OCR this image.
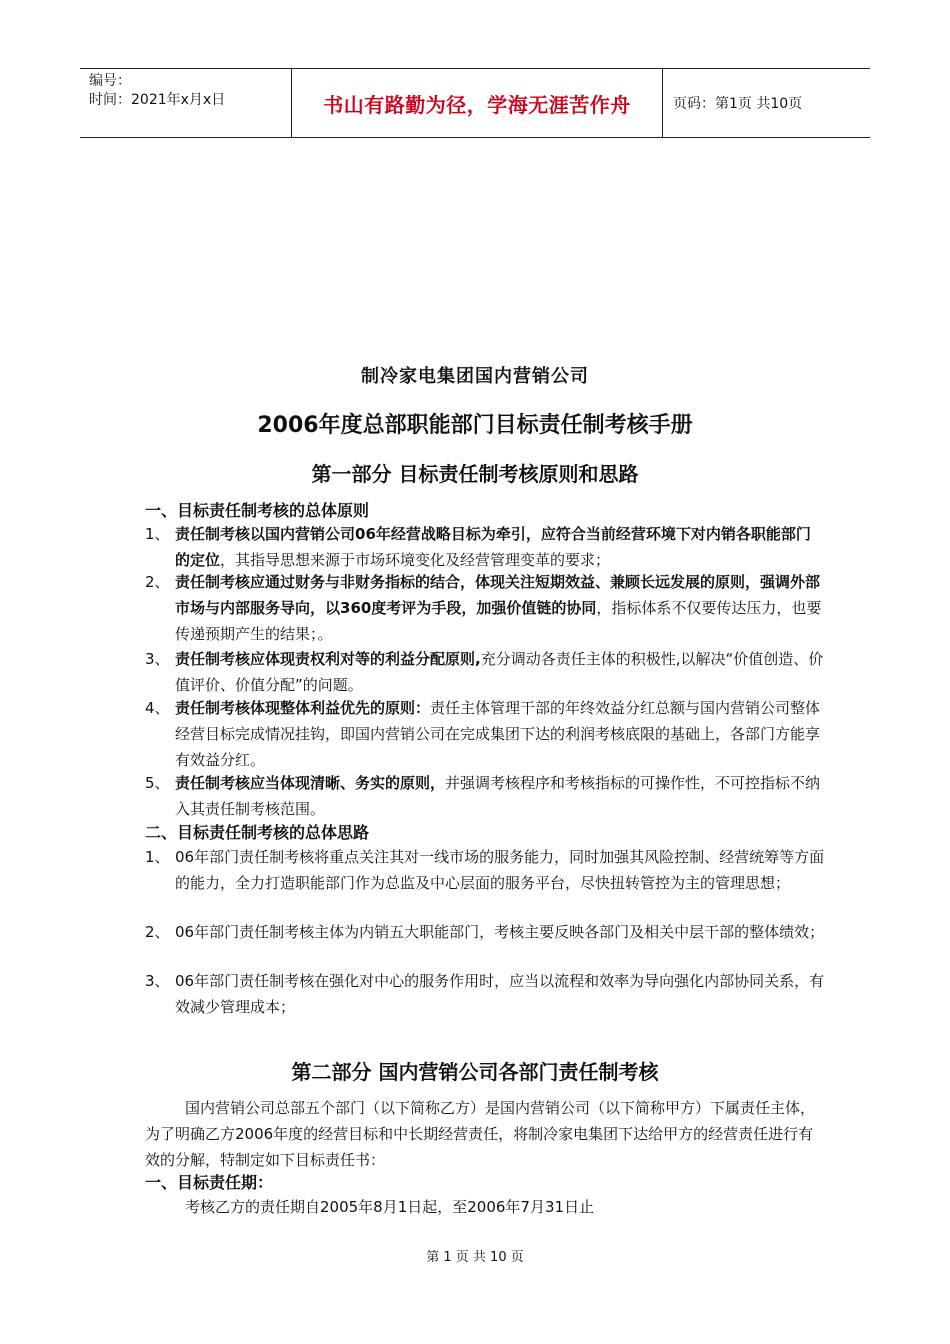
编号：
时间：2021年x月x日	书山有路勤为径，学海无涯苦作舟	页码：第1页 共10页
制冷家电集团国内营销公司
2006年度总部职能部门目标责任制考核手册
第一部分 目标责任制考核原则和思路
一、目标责任制考核的总体原则
1、 责任制考核以国内营销公司06年经营战略目标为牵引，应符合当前经营环境下对内销各职能部门的定位，其指导思想来源于市场环境变化及经营管理变革的要求；
2、 责任制考核应通过财务与非财务指标的结合，体现关注短期效益、兼顾长远发展的原则，强调外部市场与内部服务导向，以360度考评为手段，加强价值链的协同，指标体系不仅要传达压力，也要传递预期产生的结果；。
3、 责任制考核应体现责权利对等的利益分配原则,充分调动各责任主体的积极性,以解决“价值创造、价值评价、价值分配”的问题。
4、 责任制考核体现整体利益优先的原则：责任主体管理干部的年终效益分红总额与国内营销公司整体经营目标完成情况挂钩，即国内营销公司在完成集团下达的利润考核底限的基础上，各部门方能享有效益分红。
5、 责任制考核应当体现清晰、务实的原则，并强调考核程序和考核指标的可操作性，不可控指标不纳入其责任制考核范围。
二、目标责任制考核的总体思路
1、 06年部门责任制考核将重点关注其对一线市场的服务能力，同时加强其风险控制、经营统筹等方面的能力，全力打造职能部门作为总监及中心层面的服务平台，尽快扭转管控为主的管理思想；
2、 06年部门责任制考核主体为内销五大职能部门，考核主要反映各部门及相关中层干部的整体绩效；
3、 06年部门责任制考核在强化对中心的服务作用时，应当以流程和效率为导向强化内部协同关系，有效减少管理成本；
第二部分 国内营销公司各部门责任制考核
国内营销公司总部五个部门（以下简称乙方）是国内营销公司（以下简称甲方）下属责任主体，为了明确乙方2006年度的经营目标和中长期经营责任，将制冷家电集团下达给甲方的经营责任进行有效的分解，特制定如下目标责任书：
一、目标责任期：
考核乙方的责任期自2005年8月1日起，至2006年7月31日止
第 1 页 共 10 页
